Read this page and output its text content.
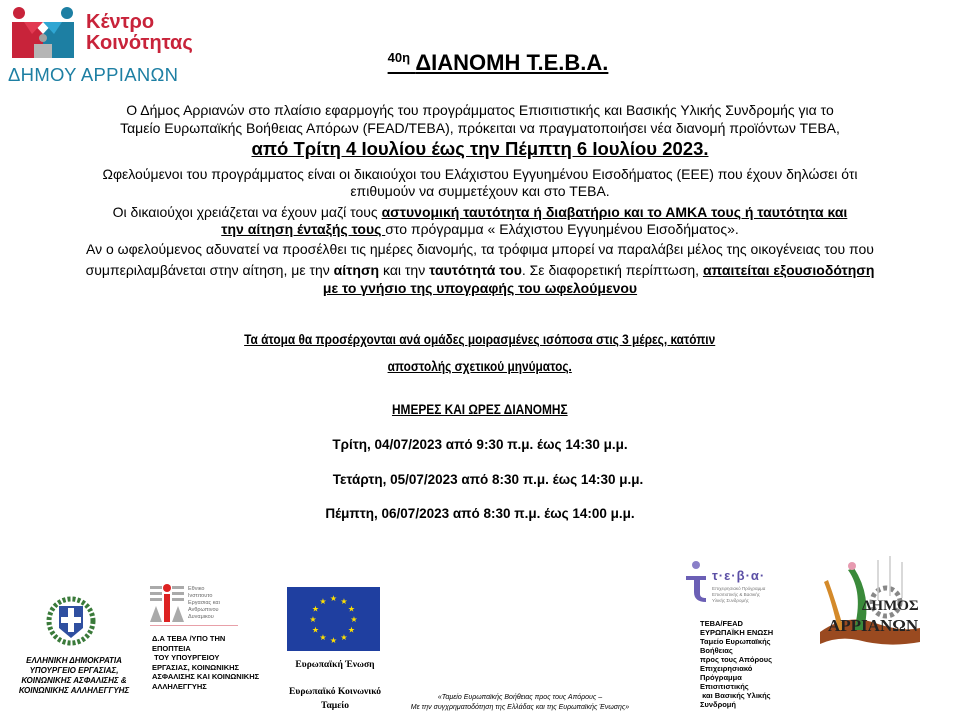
Κέντρο
Κοινότητας
ΔΗΜΟΥ ΑΡΡΙΑΝΩΝ
$^{40\eta}$ ΔΙΑΝΟΜΗ Τ.Ε.Β.Α.
Ο Δήμος Αρριανών στο πλαίσιο εφαρμογής του προγράμματος Επισιτιστικής και Βασικής Υλικής Συνδρομής για το
Ταμείο Ευρωπαϊκής Βοήθειας Απόρων (FEAD/ΤΕΒΑ), πρόκειται να πραγματοποιήσει νέα διανομή προϊόντων ΤΕΒΑ,
από Τρίτη 4 Ιουλίου έως την Πέμπτη 6 Ιουλίου 2023.
Ωφελούμενοι του προγράμματος είναι οι δικαιούχοι του Ελάχιστου Εγγυημένου Εισοδήματος (ΕΕΕ) που έχουν δηλώσει ότι
επιθυμούν να συμμετέχουν και στο ΤΕΒΑ.
Οι δικαιούχοι χρειάζεται να έχουν μαζί τους αστυνομική ταυτότητα ή διαβατήριο και το ΑΜΚΑ τους ή ταυτότητα και
την αίτηση ένταξής τους στο πρόγραμμα « Ελάχιστου Εγγυημένου Εισοδήματος».
Αν ο ωφελούμενος αδυνατεί να προσέλθει τις ημέρες διανομής, τα τρόφιμα μπορεί να παραλάβει μέλος της οικογένειας του που
συμπεριλαμβάνεται στην αίτηση, με την αίτηση και την ταυτότητά του. Σε διαφορετική περίπτωση, απαιτείται εξουσιοδότηση
με το γνήσιο της υπογραφής του ωφελούμενου
Τα άτομα θα προσέρχονται ανά ομάδες μοιρασμένες ισόποσα στις 3 μέρες, κατόπιν
αποστολής σχετικού μηνύματος.
ΗΜΕΡΕΣ ΚΑΙ ΩΡΕΣ ΔΙΑΝΟΜΗΣ
Τρίτη, 04/07/2023 από 9:30 π.μ. έως 14:30 μ.μ.
Τετάρτη, 05/07/2023 από 8:30 π.μ. έως 14:30 μ.μ.
Πέμπτη, 06/07/2023 από 8:30 π.μ. έως 14:00 μ.μ.
ΕΛΛΗΝΙΚΗ ΔΗΜΟΚΡΑΤΙΑ
ΥΠΟΥΡΓΕΙΟ ΕΡΓΑΣΙΑΣ,
ΚΟΙΝΩΝΙΚΗΣ ΑΣΦΑΛΙΣΗΣ &
ΚΟΙΝΩΝΙΚΗΣ ΑΛΛΗΛΕΓΓΥΗΣ
Εθνικο
Ινστιτουτο
Εργασιας και
Ανθρωπινου
Δυναμικου
Δ.Α ΤΕΒΑ /ΥΠΟ ΤΗΝ
ΕΠΟΠΤΕΙΑ
ΤΟΥ ΥΠΟΥΡΓΕΙΟΥ
ΕΡΓΑΣΙΑΣ, ΚΟΙΝΩΝΙΚΗΣ
ΑΣΦΑΛΙΣΗΣ ΚΑΙ ΚΟΙΝΩΝΙΚΗΣ
ΑΛΛΗΛΕΓΓΥΗΣ
★ ★
★
★
★
★
★
★
★
★
★
★
Ευρωπαϊκή Ένωση
Ευρωπαϊκό Κοινωνικό
Ταμείο
«Ταμείο Ευρωπαϊκής Βοήθειας προς τους Απόρους –
Με την συγχρηματοδότηση της Ελλάδας και της Ευρωπαϊκής Ένωσης»
τ·ε·β·α·
Επιχειρησιακό Πρόγραμμα
Επισιτιστικής & Βασικής
Υλικής Συνδρομής
ΤΕΒΑ/FEAD
ΕΥΡΩΠΑΪΚΗ ΕΝΩΣΗ
Ταμείο Ευρωπαϊκής
Βοήθειας
προς τους Απόρους
Επιχειρησιακό
Πρόγραμμα
Επισιτιστικής
και Βασικής Υλικής
Συνδρομή
ΔΗΜΟΣ
ΑΡΡΙΑΝΩΝ
